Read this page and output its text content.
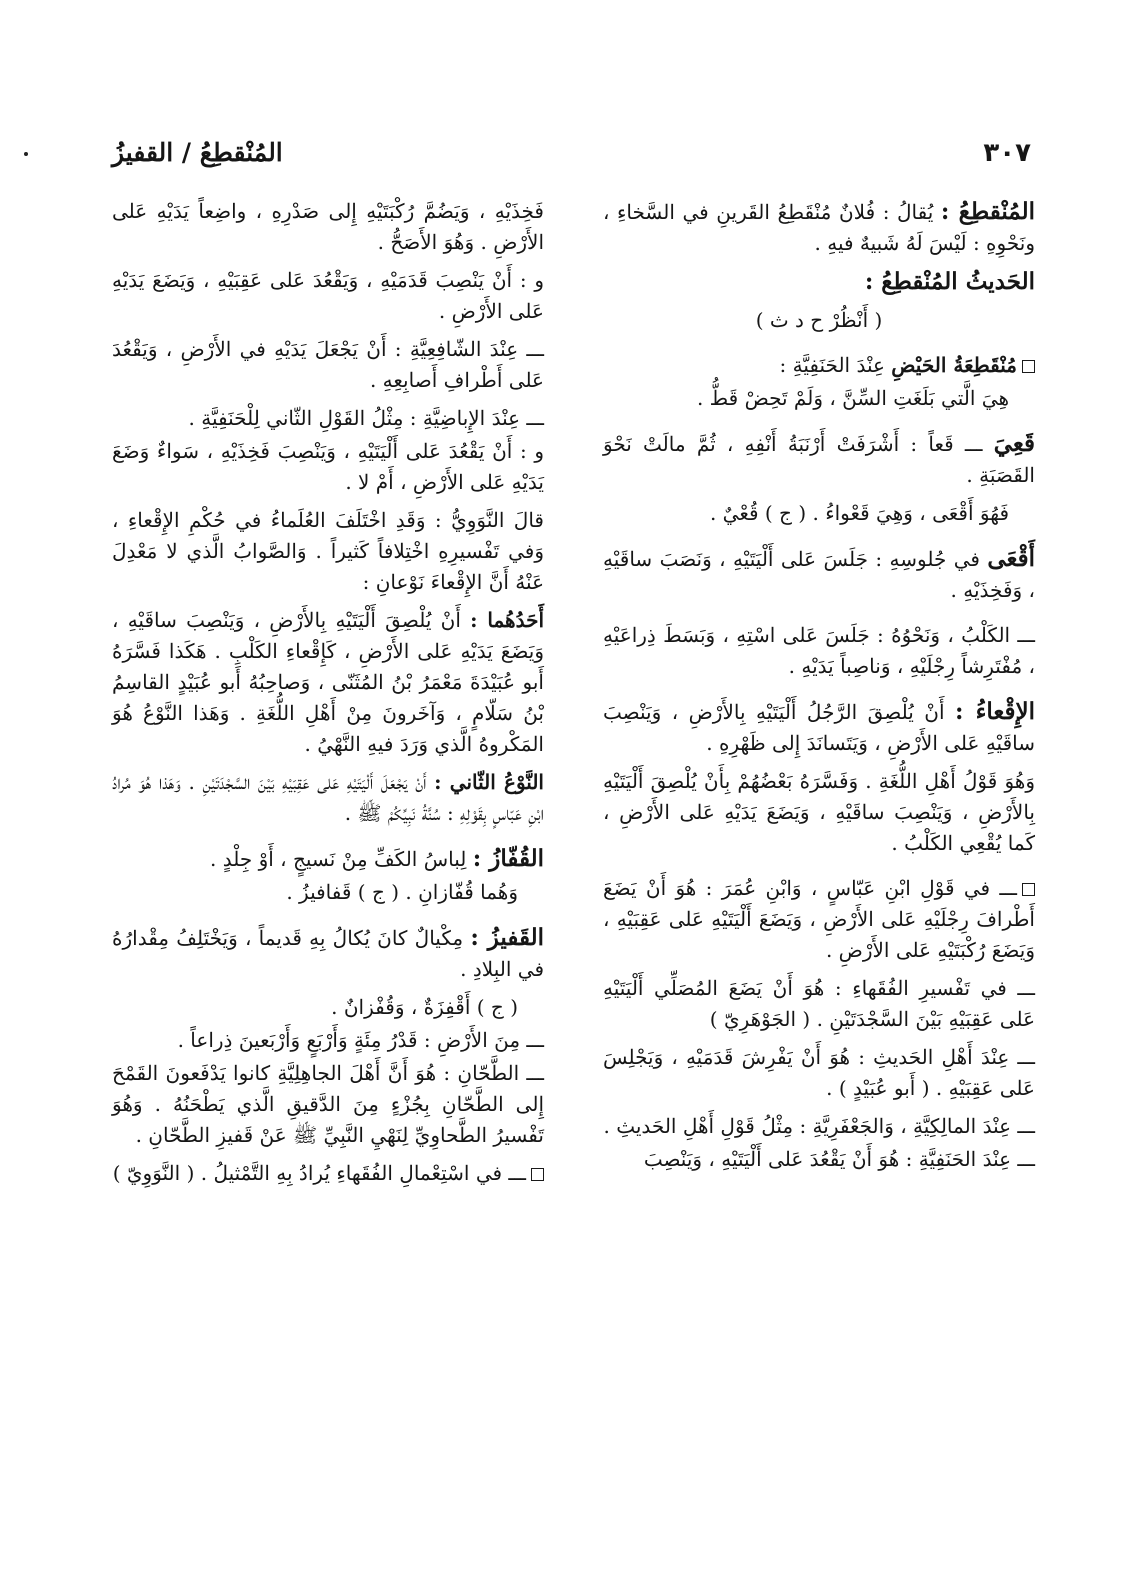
٣٠٧
المُنْقطِعُ / القفيزُ

المُنْقطِعُ : يُقالُ : فُلانٌ مُنْقَطِعُ القَرينِ في السَّخاءِ ، ونَحْوِهِ : لَيْسَ لَهُ شَبيهٌ فيهِ .

الحَديثُ المُنْقطِعُ :

( أَنْظُرْ ح د ث )

مُنْقَطِعَةُ الحَيْضِ عِنْدَ الحَنَفِيَّةِ :

هِيَ الَّتي بَلَغَتِ السِّنَّ ، وَلَمْ تَحِضْ قَطُّ .

قَعِيَ ـــ قَعاً : أَشْرَفَتْ أَرْنَبَةُ أَنْفِهِ ، ثُمَّ مالَتْ نَحْوَ القَصَبَةِ .

فَهُوَ أَقْعَى ، وَهِيَ قَعْواءُ . ( ج ) قُعْيٌ .

أَقْعَى في جُلوسِهِ : جَلَسَ عَلى أَلْيَتَيْهِ ، وَنَصَبَ ساقَيْهِ ، وَفَخِذَيْهِ .

ـــ الكَلْبُ ، وَنَحْوُهُ : جَلَسَ عَلى اسْتِهِ ، وَبَسَطَ ذِراعَيْهِ ، مُفْتَرِشاً رِجْلَيْهِ ، وَناصِباً يَدَيْهِ .

الإِقْعاءُ : أَنْ يُلْصِقَ الرَّجُلُ أَلْيَتَيْهِ بِالأَرْضِ ، وَيَنْصِبَ ساقَيْهِ عَلى الأَرْضِ ، وَيَتَسانَدَ إِلى ظَهْرِهِ .

وَهُوَ قَوْلُ أَهْلِ اللُّغَةِ . وَفَسَّرَهُ بَعْضُهُمْ بِأَنْ يُلْصِقَ أَلْيَتَيْهِ بِالأَرْضِ ، وَيَنْصِبَ ساقَيْهِ ، وَيَضَعَ يَدَيْهِ عَلى الأَرْضِ ، كَما يُقْعِي الكَلْبُ .

ـــ في قَوْلِ ابْنِ عَبّاسٍ ، وَابْنِ عُمَرَ : هُوَ أَنْ يَضَعَ أَطْرافَ رِجْلَيْهِ عَلى الأَرْضِ ، وَيَضَعَ أَلْيَتَيْهِ عَلى عَقِبَيْهِ ، وَيَضَعَ رُكْبَتَيْهِ عَلى الأَرْضِ .

ـــ في تَفْسيرِ الفُقَهاءِ : هُوَ أَنْ يَضَعَ المُصَلِّي أَلْيَتَيْهِ عَلى عَقِبَيْهِ بَيْنَ السَّجْدَتَيْنِ . ( الجَوْهَرِيّ )

ـــ عِنْدَ أَهْلِ الحَديثِ : هُوَ أَنْ يَفْرِشَ قَدَمَيْهِ ، وَيَجْلِسَ عَلى عَقِبَيْهِ . ( أَبو عُبَيْدٍ ) .

ـــ عِنْدَ المالِكِيَّةِ ، وَالجَعْفَرِيَّةِ : مِثْلُ قَوْلِ أَهْلِ الحَديثِ .

ـــ عِنْدَ الحَنَفِيَّةِ : هُوَ أَنْ يَقْعُدَ عَلى أَلْيَتَيْهِ ، وَيَنْصِبَ

فَخِذَيْهِ ، وَيَضُمَّ رُكْبَتَيْهِ إِلى صَدْرِهِ ، واضِعاً يَدَيْهِ عَلى الأَرْضِ . وَهُوَ الأَصَحُّ .

و : أَنْ يَنْصِبَ قَدَمَيْهِ ، وَيَقْعُدَ عَلى عَقِبَيْهِ ، وَيَضَعَ يَدَيْهِ عَلى الأَرْضِ .

ـــ عِنْدَ الشّافِعِيَّةِ : أَنْ يَجْعَلَ يَدَيْهِ في الأَرْضِ ، وَيَقْعُدَ عَلى أَطْرافِ أَصابِعِهِ .

ـــ عِنْدَ الإِباضِيَّةِ : مِثْلُ القَوْلِ الثّاني لِلْحَنَفِيَّةِ .

و : أَنْ يَقْعُدَ عَلى أَلْيَتَيْهِ ، وَيَنْصِبَ فَخِذَيْهِ ، سَواءٌ وَضَعَ يَدَيْهِ عَلى الأَرْضِ ، أَمْ لا .

قالَ النَّوَوِيُّ : وَقَدِ اخْتَلَفَ العُلَماءُ في حُكْمِ الإِقْعاءِ ، وَفي تَفْسيرِهِ اخْتِلافاً كَثيراً . وَالصَّوابُ الَّذي لا مَعْدِلَ عَنْهُ أَنَّ الإِقْعاءَ نَوْعانِ :

أَحَدُهُما : أَنْ يُلْصِقَ أَلْيَتَيْهِ بِالأَرْضِ ، وَيَنْصِبَ ساقَيْهِ ، وَيَضَعَ يَدَيْهِ عَلى الأَرْضِ ، كَإِقْعاءِ الكَلْبِ . هَكَذا فَسَّرَهُ أَبو عُبَيْدَةَ مَعْمَرُ بْنُ المُثَنّى ، وَصاحِبُهُ أَبو عُبَيْدٍ القاسِمُ بْنُ سَلّامٍ ، وَآخَرونَ مِنْ أَهْلِ اللُّغَةِ . وَهَذا النَّوْعُ هُوَ المَكْروهُ الَّذي وَرَدَ فيهِ النَّهْيُ .

النَّوْعُ الثّاني : أَنْ يَجْعَلَ أَلْيَتَيْهِ عَلى عَقِبَيْهِ بَيْنَ السَّجْدَتَيْنِ . وَهَذا هُوَ مُرادُ ابْنِ عَبّاسٍ بِقَوْلِهِ : سُنَّةُ نَبِيِّكُمْ ﷺ .

القُفّازُ : لِباسُ الكَفِّ مِنْ نَسيجٍ ، أَوْ جِلْدٍ .

وَهُما قُفّازانِ . ( ج ) قَفافيزُ .

القَفيزُ : مِكْيالٌ كانَ يُكالُ بِهِ قَديماً ، وَيَخْتَلِفُ مِقْدارُهُ في البِلادِ .

( ج ) أَقْفِزَةٌ ، وَقُفْزانٌ .

ـــ مِنَ الأَرْضِ : قَدْرُ مِئَةٍ وَأَرْبَعٍ وَأَرْبَعينَ ذِراعاً .

ـــ الطَّحّانِ : هُوَ أَنَّ أَهْلَ الجاهِلِيَّةِ كانوا يَدْفَعونَ القَمْحَ إِلى الطَّحّانِ بِجُزْءٍ مِنَ الدَّقيقِ الَّذي يَطْحَنُهُ . وَهُوَ تَفْسيرُ الطَّحاوِيِّ لِنَهْيِ النَّبِيِّ ﷺ عَنْ قَفيزِ الطَّحّانِ .

ـــ في اسْتِعْمالِ الفُقَهاءِ يُرادُ بِهِ التَّمْثيلُ . ( النَّوَوِيّ )
